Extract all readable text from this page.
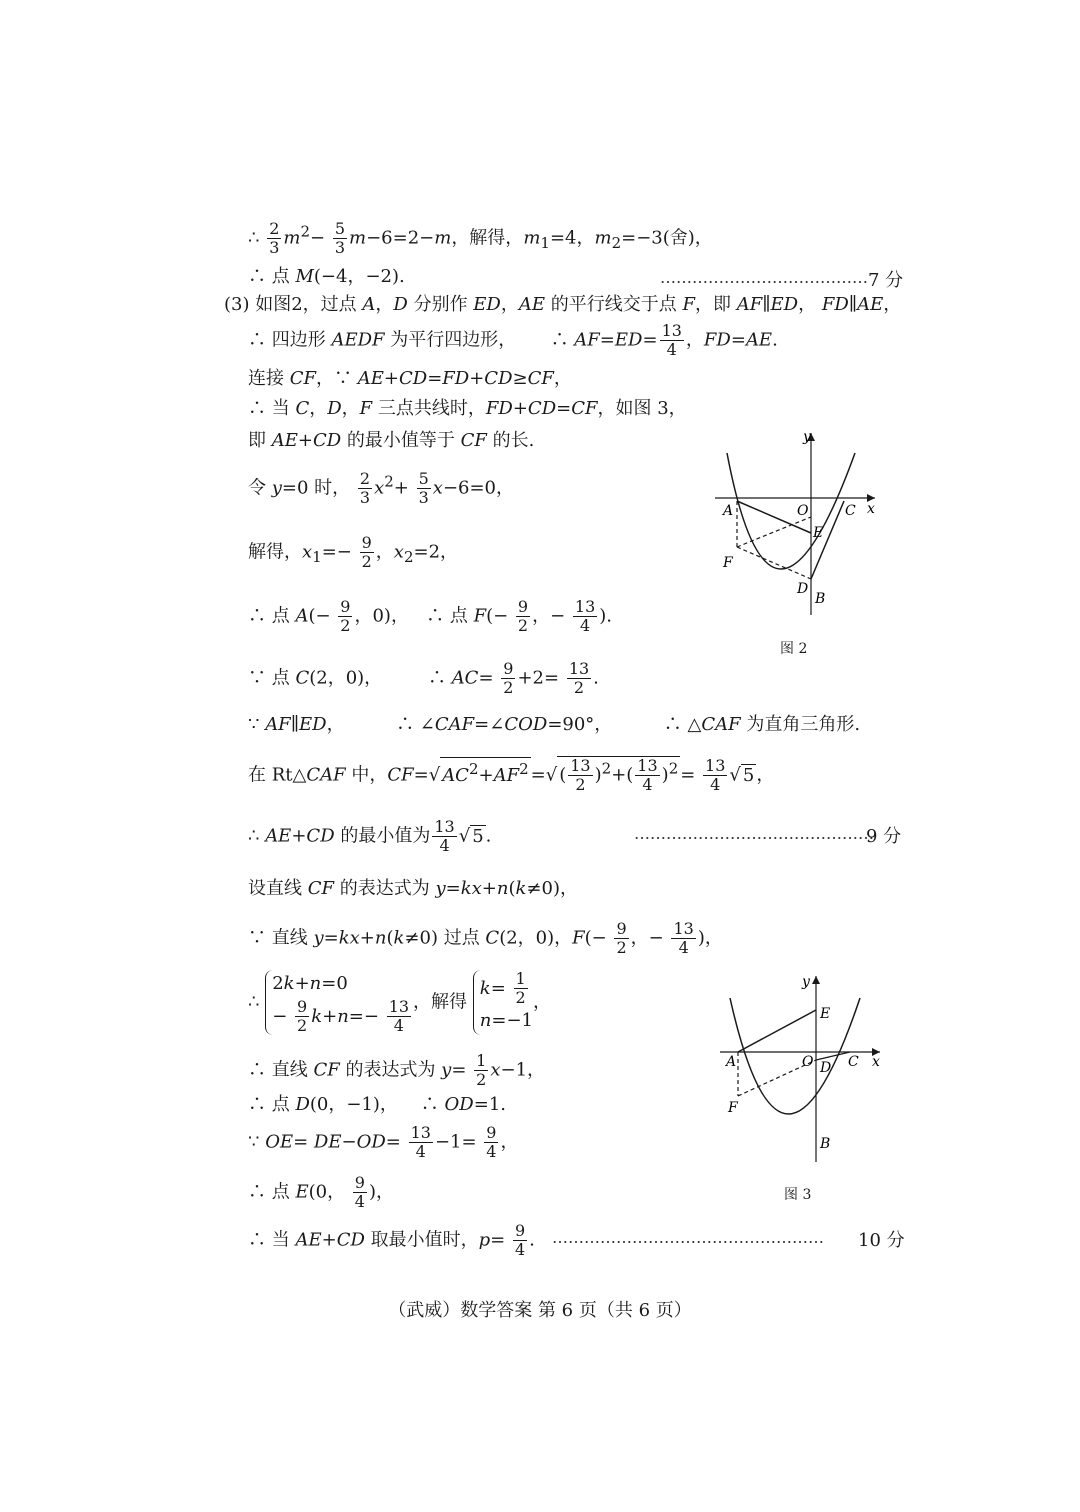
∴ $\frac{2}{3} m^2- \frac{5}{3} m-6=2-m$，解得，$m_1=4$，$m_2=-3$(舍)，
∴ 点 M(−4，−2).	………………………………… 7 分
(3) 如图2，过点 A，D 分别作 ED，AE 的平行线交于点 F，即 AF∥ED， FD∥AE，
∴ 四边形 AEDF 为平行四边形，      ∴ $AF=ED= \frac{13}{4}$ ，FD=AE.
连接 CF，∵ AE+CD=FD+CD≥CF，
∴ 当 C，D，F 三点共线时，FD+CD=CF，如图 3，
即 AE+CD 的最小值等于 CF 的长.
令 y=0 时， $\frac{2}{3} x^2+ \frac{5}{3} x-6=0$，
解得，$x_1=- \frac{9}{2}$ ，$x_2=2$，
∴ 点 $A(- \frac{9}{2}$ ，0)，   ∴ 点 $F(- \frac{9}{2}$ ，− $\frac{13}{4}$ ).
∵ 点 C(2，0)，        ∴ $AC= \frac{9}{2} +2= \frac{13}{2}$ .
∵ AF∥ED，         ∴ ∠CAF=∠COD=90°，         ∴ △CAF 为直角三角形.
在 Rt△CAF 中，CF=√ $AC^2+AF^2$ =√ ( $\frac{13}{2} )^2+( \frac{13}{4} )^2 = \frac{13}{4}$ √ 5 ，
∴ AE+CD 的最小值为 $\frac{13}{4}$ √ 5 .	………………………………………
9 分
设直线 CF 的表达式为 y=kx+n(k≠0)，
∵ 直线 y=kx+n(k≠0) 过点 C(2，0)，$F(- \frac{9}{2}$ ，− $\frac{13}{4}$ )，
∴ 2k+n=0
− $\frac{9}{2} k+n=- \frac{13}{4}$ ，解得 $k= \frac{1}{2}$

n=−1，
∴ 直线 CF 的表达式为 $y= \frac{1}{2} x-1$，
∴ 点 D(0，−1)，    ∴ OD=1.
∵ $OE= DE-OD= \frac{13}{4} -1= \frac{9}{4}$ ，
∴ 点 E(0， $\frac{9}{4}$ )，
∴ 当 AE+CD 取最小值时，$p= \frac{9}{4}$ . …………………………………………… 10 分
y
x
A	O	C
E
F
D
B
图 2
y
x
A	O C
E
F
D
B
图 3
（武威）数学答案 第 6 页（共 6 页）
